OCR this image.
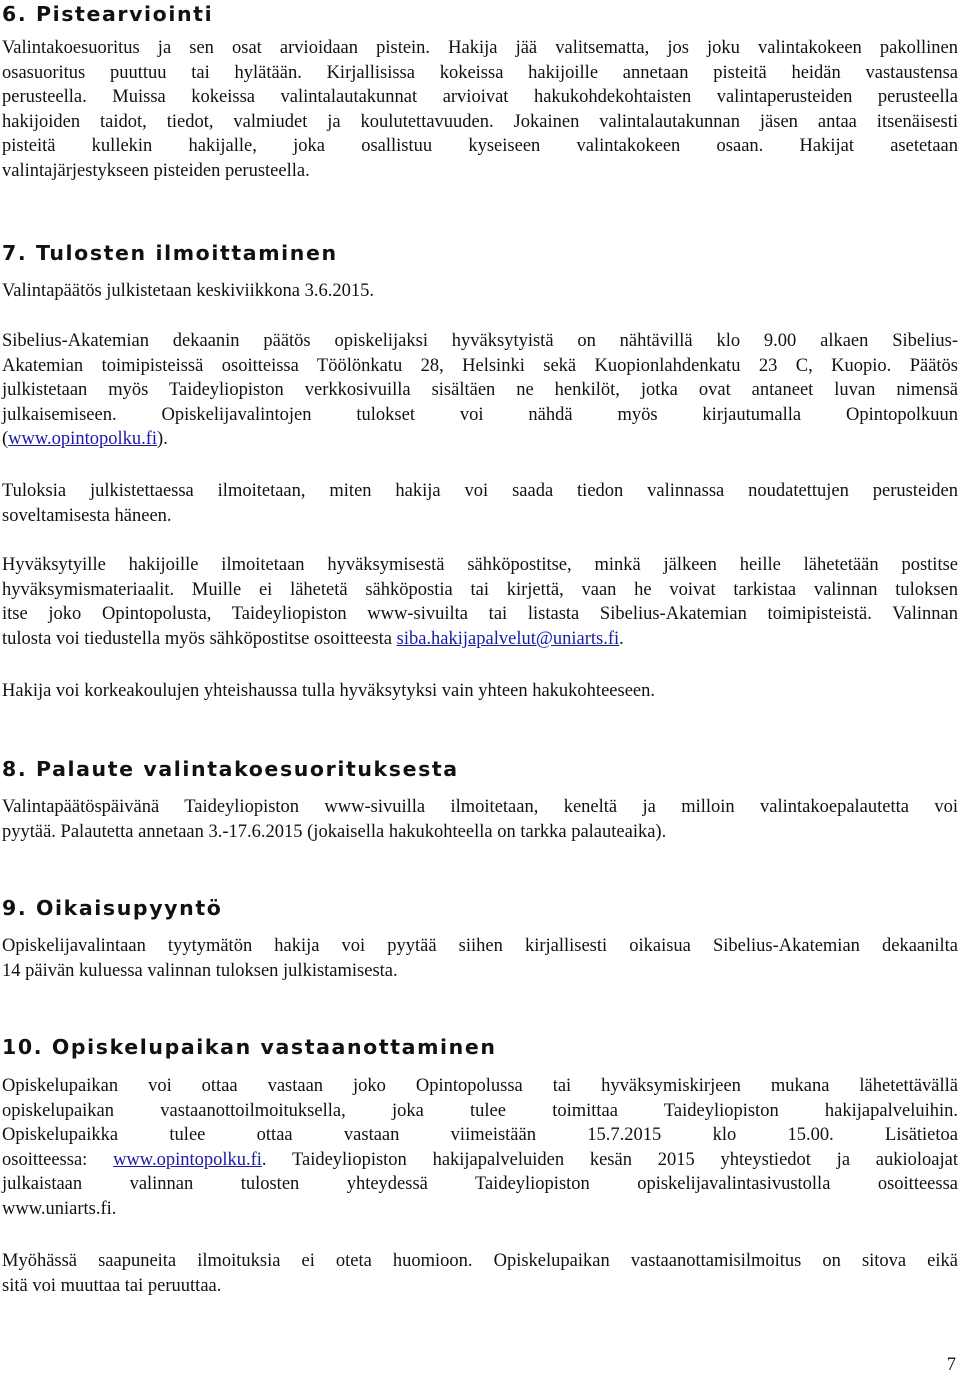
6. Pistearviointi
Valintakoesuoritus ja sen osat arvioidaan pistein. Hakija jää valitsematta, jos joku valintakokeen pakollinen
osasuoritus puuttuu tai hylätään. Kirjallisissa kokeissa hakijoille annetaan pisteitä heidän vastaustensa
perusteella. Muissa kokeissa valintalautakunnat arvioivat hakukohdekohtaisten valintaperusteiden perusteella
hakijoiden taidot, tiedot, valmiudet ja koulutettavuuden. Jokainen valintalautakunnan jäsen antaa itsenäisesti
pisteitä kullekin hakijalle, joka osallistuu kyseiseen valintakokeen osaan. Hakijat asetetaan
valintajärjestykseen pisteiden perusteella.
7. Tulosten ilmoittaminen
Valintapäätös julkistetaan keskiviikkona 3.6.2015.
Sibelius-Akatemian dekaanin päätös opiskelijaksi hyväksytyistä on nähtävillä klo 9.00 alkaen Sibelius-
Akatemian toimipisteissä osoitteissa Töölönkatu 28, Helsinki sekä Kuopionlahdenkatu 23 C, Kuopio. Päätös
julkistetaan myös Taideyliopiston verkkosivuilla sisältäen ne henkilöt, jotka ovat antaneet luvan nimensä
julkaisemiseen. Opiskelijavalintojen tulokset voi nähdä myös kirjautumalla Opintopolkuun
(www.opintopolku.fi).
Tuloksia julkistettaessa ilmoitetaan, miten hakija voi saada tiedon valinnassa noudatettujen perusteiden
soveltamisesta häneen.
Hyväksytyille hakijoille ilmoitetaan hyväksymisestä sähköpostitse, minkä jälkeen heille lähetetään postitse
hyväksymismateriaalit. Muille ei lähetetä sähköpostia tai kirjettä, vaan he voivat tarkistaa valinnan tuloksen
itse joko Opintopolusta, Taideyliopiston www-sivuilta tai listasta Sibelius-Akatemian toimipisteistä. Valinnan
tulosta voi tiedustella myös sähköpostitse osoitteesta siba.hakijapalvelut@uniarts.fi.
Hakija voi korkeakoulujen yhteishaussa tulla hyväksytyksi vain yhteen hakukohteeseen.
8. Palaute valintakoesuorituksesta
Valintapäätöspäivänä Taideyliopiston www-sivuilla ilmoitetaan, keneltä ja milloin valintakoepalautetta voi
pyytää. Palautetta annetaan 3.-17.6.2015 (jokaisella hakukohteella on tarkka palauteaika).
9. Oikaisupyyntö
Opiskelijavalintaan tyytymätön hakija voi pyytää siihen kirjallisesti oikaisua Sibelius-Akatemian dekaanilta
14 päivän kuluessa valinnan tuloksen julkistamisesta.
10. Opiskelupaikan vastaanottaminen
Opiskelupaikan voi ottaa vastaan joko Opintopolussa tai hyväksymiskirjeen mukana lähetettävällä
opiskelupaikan vastaanottoilmoituksella, joka tulee toimittaa Taideyliopiston hakijapalveluihin.
Opiskelupaikka tulee ottaa vastaan viimeistään 15.7.2015 klo 15.00. Lisätietoa
osoitteessa: www.opintopolku.fi. Taideyliopiston hakijapalveluiden kesän 2015 yhteystiedot ja aukioloajat
julkaistaan valinnan tulosten yhteydessä Taideyliopiston opiskelijavalintasivustolla osoitteessa
www.uniarts.fi.
Myöhässä saapuneita ilmoituksia ei oteta huomioon. Opiskelupaikan vastaanottamisilmoitus on sitova eikä
sitä voi muuttaa tai peruuttaa.
7
